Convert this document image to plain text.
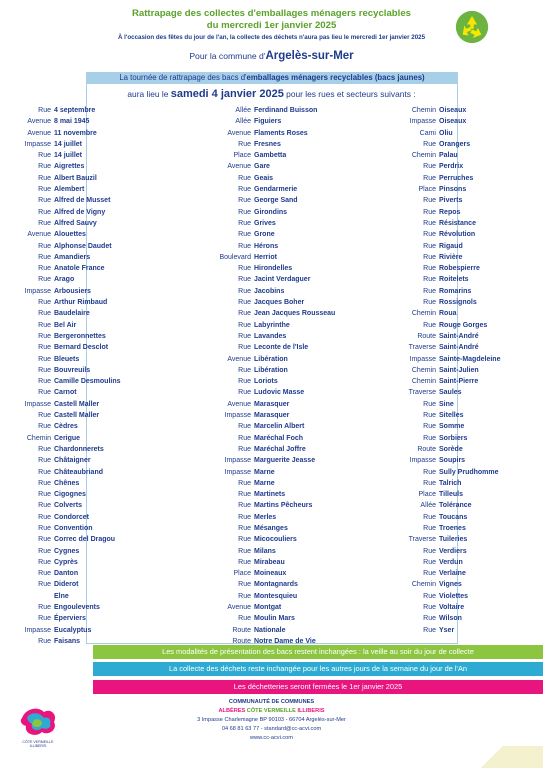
Rattrapage des collectes d'emballages ménagers recyclables
du mercredi 1er janvier 2025
À l'occasion des fêtes du jour de l'an, la collecte des déchets n'aura pas lieu le mercredi 1er janvier 2025
Pour la commune d'Argelès-sur-Mer
La tournée de rattrapage des bacs d'emballages ménagers recyclables (bacs jaunes)
aura lieu le samedi 4 janvier 2025 pour les rues et secteurs suivants :
Rue 4 septembre
Avenue 8 mai 1945
Avenue 11 novembre
Impasse 14 juillet
Rue 14 juillet
Rue Aigrettes
Rue Albert Bauzil
Rue Alembert
Rue Alfred de Musset
Rue Alfred de Vigny
Rue Alfred Sauvy
Avenue Alouettes
Rue Alphonse Daudet
Rue Amandiers
Rue Anatole France
Rue Arago
Impasse Arbousiers
Rue Arthur Rimbaud
Rue Baudelaire
Rue Bel Air
Rue Bergeronnettes
Rue Bernard Desclot
Rue Bleuets
Rue Bouvreuils
Rue Camille Desmoulins
Rue Carnot
Impasse Castell Maller
Rue Castell Maller
Rue Cèdres
Chemin Cerigue
Rue Chardonnerets
Rue Châtaigner
Rue Châteaubriand
Rue Chênes
Rue Cigognes
Rue Colverts
Rue Condorcet
Rue Convention
Rue Correc del Dragou
Rue Cygnes
Rue Cyprès
Rue Danton
Rue Diderot
Elne
Rue Engoulevents
Rue Éperviers
Impasse Eucalyptus
Rue Faisans
Allée Ferdinand Buisson
Allée Figuiers
Avenue Flaments Roses
Rue Fresnes
Place Gambetta
Avenue Gare
Rue Geais
Rue Gendarmerie
Rue George Sand
Rue Girondins
Rue Grives
Rue Grone
Rue Hérons
Boulevard Herriot
Rue Hirondelles
Rue Jacint Verdaguer
Rue Jacobins
Rue Jacques Boher
Rue Jean Jacques Rousseau
Rue Labyrinthe
Rue Lavandes
Rue Leconte de l'Isle
Avenue Libération
Rue Libération
Rue Loriots
Rue Ludovic Masse
Avenue Marasquer
Impasse Marasquer
Rue Marcelin Albert
Rue Maréchal Foch
Rue Maréchal Joffre
Impasse Marguerite Jeasse
Impasse Marne
Rue Marne
Rue Martinets
Rue Martins Pêcheurs
Rue Merles
Rue Mésanges
Rue Micocouliers
Rue Milans
Rue Mirabeau
Place Moineaux
Rue Montagnards
Rue Montesquieu
Avenue Montgat
Rue Moulin Mars
Route Nationale
Route Notre Dame de Vie
Chemin Oiseaux
Impasse Oiseaux
Cami Oliu
Rue Orangers
Chemin Palau
Rue Perdrix
Rue Perruches
Place Pinsons
Rue Piverts
Rue Repos
Rue Résistance
Rue Révolution
Rue Rigaud
Rue Rivière
Rue Robespierre
Rue Roitelets
Rue Romarins
Rue Rossignols
Chemin Roua
Rue Rouge Gorges
Route Saint-André
Traverse Saint-André
Impasse Sainte-Magdeleine
Chemin Saint-Julien
Chemin Saint-Pierre
Traverse Saules
Rue Sine
Rue Sitelles
Rue Somme
Rue Sorbiers
Route Sorède
Impasse Soupirs
Rue Sully Prudhomme
Rue Talrich
Place Tilleuls
Allée Tolérance
Rue Toucans
Rue Troenes
Traverse Tuileries
Rue Verdiers
Rue Verdun
Rue Verlaine
Chemin Vignes
Rue Violettes
Rue Voltaire
Rue Wilson
Rue Yser
Les modalités de présentation des bacs restent inchangées : la veille au soir du jour de collecte
La collecte des déchets reste inchangée pour les autres jours de la semaine du jour de l'An
Les déchetteries seront fermées le 1er janvier 2025
CÔTE VERMEILLE ILLIBERIS
COMMUNAUTÉ DE COMMUNES
ALBÈRES CÔTE VERMEILLE ILLIBERIS
3 Impasse Charlemagne BP 90103 - 66704 Argelès-sur-Mer
04 68 81 63 77 - standard@cc-acvi.com
www.cc-acvi.com
